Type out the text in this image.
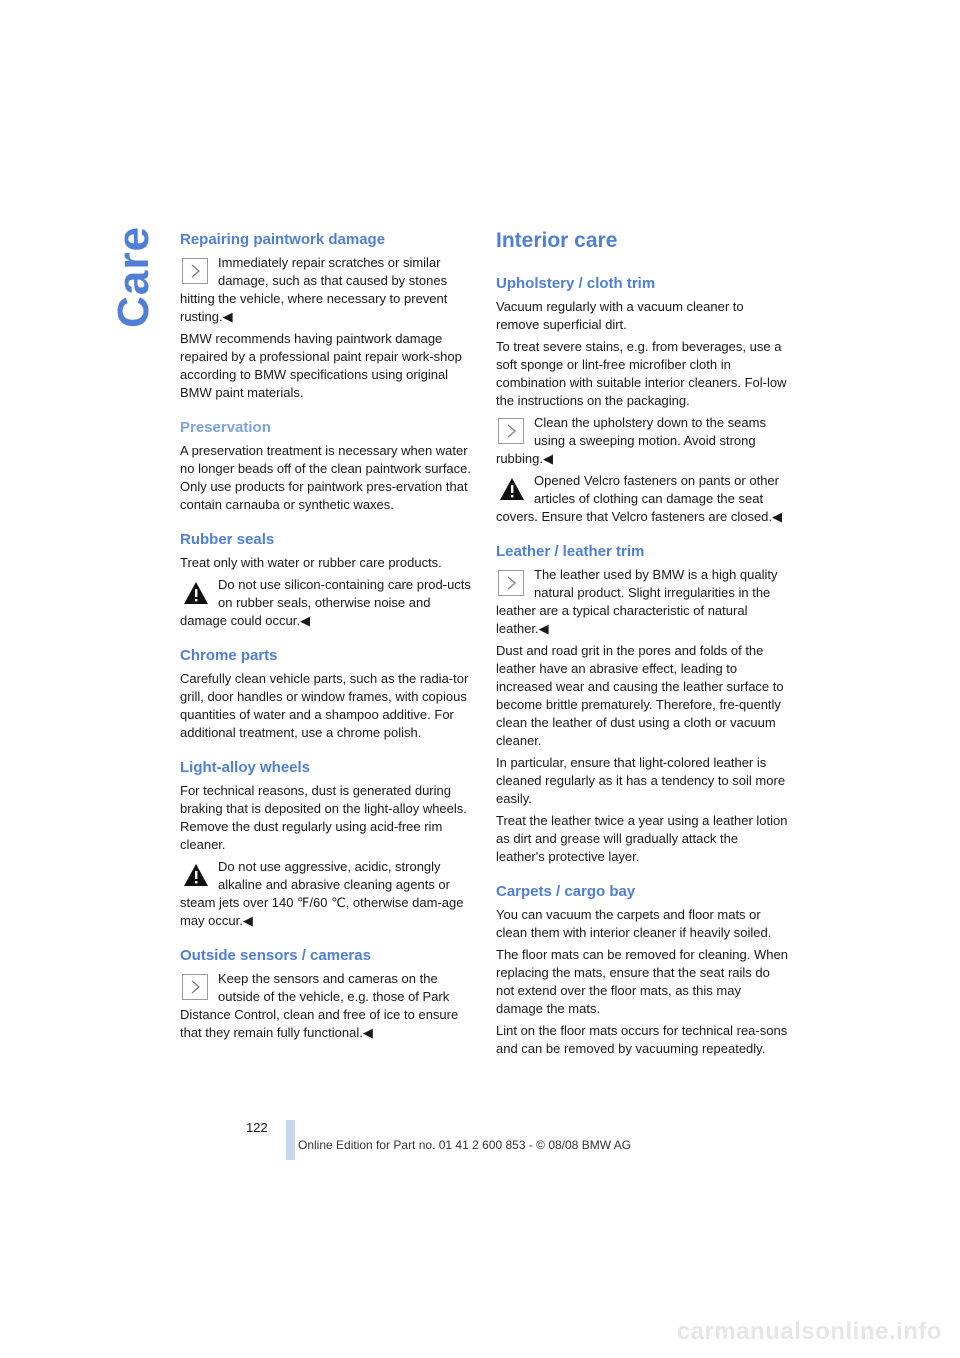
Care Repairing paintwork damage
Immediately repair scratches or similar damage, such as that caused by stones hitting the vehicle, where necessary to prevent rusting.◀

BMW recommends having paintwork damage repaired by a professional paint repair work-shop according to BMW specifications using original BMW paint materials.

Preservation

A preservation treatment is necessary when water no longer beads off of the clean paintwork surface. Only use products for paintwork pres-ervation that contain carnauba or synthetic waxes.

Rubber seals

Treat only with water or rubber care products.

Do not use silicon-containing care prod-ucts on rubber seals, otherwise noise and damage could occur.◀
Chrome parts

Carefully clean vehicle parts, such as the radia-tor grill, door handles or window frames, with copious quantities of water and a shampoo additive. For additional treatment, use a chrome polish.

Light-alloy wheels

For technical reasons, dust is generated during braking that is deposited on the light-alloy wheels. Remove the dust regularly using acid-free rim cleaner.

Do not use aggressive, acidic, strongly alkaline and abrasive cleaning agents or steam jets over 140 ℉/60 ℃, otherwise dam-age may occur.◀
Outside sensors / cameras
Keep the sensors and cameras on the outside of the vehicle, e.g. those of Park Distance Control, clean and free of ice to ensure that they remain fully functional.◀
Interior care
Upholstery / cloth trim

Vacuum regularly with a vacuum cleaner to remove superficial dirt.

To treat severe stains, e.g. from beverages, use a soft sponge or lint-free microfiber cloth in combination with suitable interior cleaners. Fol-low the instructions on the packaging.

Clean the upholstery down to the seams using a sweeping motion. Avoid strong rubbing.◀
Opened Velcro fasteners on pants or other articles of clothing can damage the seat covers. Ensure that Velcro fasteners are closed.◀
Leather / leather trim
The leather used by BMW is a high quality natural product. Slight irregularities in the leather are a typical characteristic of natural leather.◀

Dust and road grit in the pores and folds of the leather have an abrasive effect, leading to increased wear and causing the leather surface to become brittle prematurely. Therefore, fre-quently clean the leather of dust using a cloth or vacuum cleaner.

In particular, ensure that light-colored leather is cleaned regularly as it has a tendency to soil more easily.

Treat the leather twice a year using a leather lotion as dirt and grease will gradually attack the leather's protective layer.

Carpets / cargo bay

You can vacuum the carpets and floor mats or clean them with interior cleaner if heavily soiled.

The floor mats can be removed for cleaning. When replacing the mats, ensure that the seat rails do not extend over the floor mats, as this may damage the mats.

Lint on the floor mats occurs for technical rea-sons and can be removed by vacuuming repeatedly.

122
Online Edition for Part no. 01 41 2 600 853 - © 08/08 BMW AG
carmanualsonline.info
